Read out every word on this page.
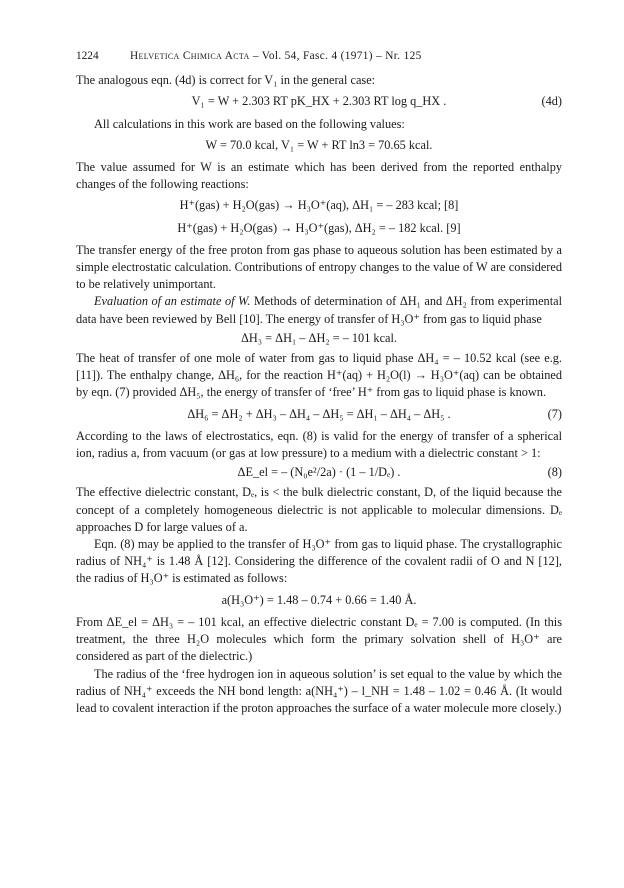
1224	Helvetica Chimica Acta – Vol. 54, Fasc. 4 (1971) – Nr. 125

The analogous eqn. (4d) is correct for V₁ in the general case:

V₁ = W + 2.303 RT pK_HX + 2.303 RT log q_HX .	(4d)

All calculations in this work are based on the following values:

W = 70.0 kcal, V₁ = W + RT ln3 = 70.65 kcal.

The value assumed for W is an estimate which has been derived from the reported enthalpy changes of the following reactions:

H⁺(gas) + H₂O(gas) → H₃O⁺(aq), ΔH₁ = – 283 kcal; [8]
H⁺(gas) + H₂O(gas) → H₃O⁺(gas), ΔH₂ = – 182 kcal. [9]

The transfer energy of the free proton from gas phase to aqueous solution has been estimated by a simple electrostatic calculation. Contributions of entropy changes to the value of W are considered to be relatively unimportant.

Evaluation of an estimate of W. Methods of determination of ΔH₁ and ΔH₂ from experimental data have been reviewed by Bell [10]. The energy of transfer of H₃O⁺ from gas to liquid phase

ΔH₃ = ΔH₁ – ΔH₂ = – 101 kcal.

The heat of transfer of one mole of water from gas to liquid phase ΔH₄ = – 10.52 kcal (see e.g. [11]). The enthalpy change, ΔH₆, for the reaction H⁺(aq) + H₂O(l) → H₃O⁺(aq) can be obtained by eqn. (7) provided ΔH₅, the energy of transfer of ‘free’ H⁺ from gas to liquid phase is known.

ΔH₆ = ΔH₂ + ΔH₃ – ΔH₄ – ΔH₅ = ΔH₁ – ΔH₄ – ΔH₅ .	(7)

According to the laws of electrostatics, eqn. (8) is valid for the energy of transfer of a spherical ion, radius a, from vacuum (or gas at low pressure) to a medium with a dielectric constant > 1:

ΔE_el = – (N₀e²/2a) · (1 – 1/Dₑ) .	(8)

The effective dielectric constant, Dₑ, is < the bulk dielectric constant, D, of the liquid because the concept of a completely homogeneous dielectric is not applicable to molecular dimensions. Dₑ approaches D for large values of a.

Eqn. (8) may be applied to the transfer of H₃O⁺ from gas to liquid phase. The crystallographic radius of NH₄⁺ is 1.48 Å [12]. Considering the difference of the covalent radii of O and N [12], the radius of H₃O⁺ is estimated as follows:

a(H₃O⁺) = 1.48 – 0.74 + 0.66 = 1.40 Å.

From ΔE_el = ΔH₃ = – 101 kcal, an effective dielectric constant Dₑ = 7.00 is computed. (In this treatment, the three H₂O molecules which form the primary solvation shell of H₃O⁺ are considered as part of the dielectric.)

The radius of the ‘free hydrogen ion in aqueous solution’ is set equal to the value by which the radius of NH₄⁺ exceeds the NH bond length: a(NH₄⁺) – l_NH = 1.48 – 1.02 = 0.46 Å. (It would lead to covalent interaction if the proton approaches the surface of a water molecule more closely.)
